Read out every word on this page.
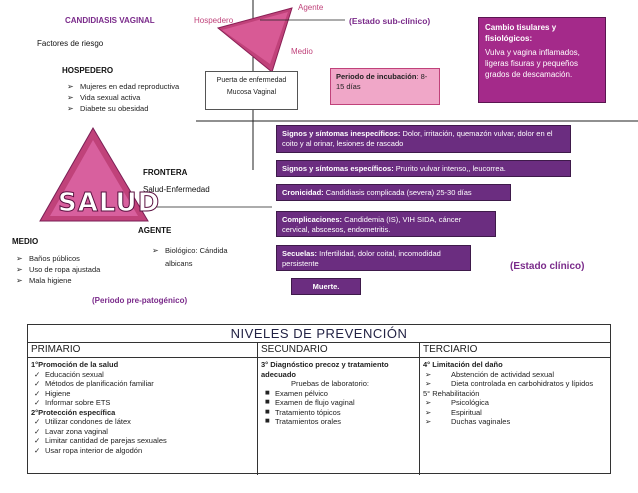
CANDIDIASIS VAGINAL	Hospedero
Agente
Medio
(Estado sub-clínico)
Factores de riesgo
HOSPEDERO
➢ Mujeres en edad reproductiva
➢ Vida sexual activa
➢ Diabete su obesidad
Puerta de enfermedad
Mucosa Vaginal
Periodo de incubación: 8-15 días
Cambio tisulares y fisiológicos:
Vulva y vagina inflamados, ligeras fisuras y pequeños grados de descamación.
FRONTERA
Salud-Enfermedad
SALUD
AGENTE
➢ Biológico: Cándida albicans
MEDIO
➢ Baños públicos
➢ Uso de ropa ajustada
➢ Mala higiene
(Periodo pre-patogénico)
Signos y síntomas inespecíficos: Dolor, irritación, quemazón vulvar, dolor en el coito y al orinar, lesiones de rascado
Signos y síntomas específicos: Prurito vulvar intenso,, leucorrea.
Cronicidad: Candidiasis complicada (severa) 25-30 días
Complicaciones: Candidemia (IS), VIH SIDA, cáncer cervical, abscesos, endometritis.
Secuelas: Infertilidad, dolor coital, incomodidad persistente
Muerte.
(Estado clínico)
NIVELES DE PREVENCIÓN
PRIMARIO	SECUNDARIO	TERCIARIO
1°Promoción de la salud
✓ Educación sexual
✓ Métodos de planificación familiar
✓ Higiene
✓ Informar sobre ETS
2°Protección específica
✓ Utilizar condones de látex
✓ Lavar zona vaginal
✓ Limitar cantidad de parejas sexuales
✓ Usar ropa interior de algodón
3° Diagnóstico precoz y tratamiento adecuado
Pruebas de laboratorio:
■ Examen pélvico
■ Examen de flujo vaginal
■ Tratamiento tópicos
■ Tratamientos orales
4° Limitación del daño
➢ Abstención de actividad sexual
➢ Dieta controlada en carbohidratos y lípidos
5° Rehabilitación
➢ Psicológica
➢ Espiritual
➢ Duchas vaginales
